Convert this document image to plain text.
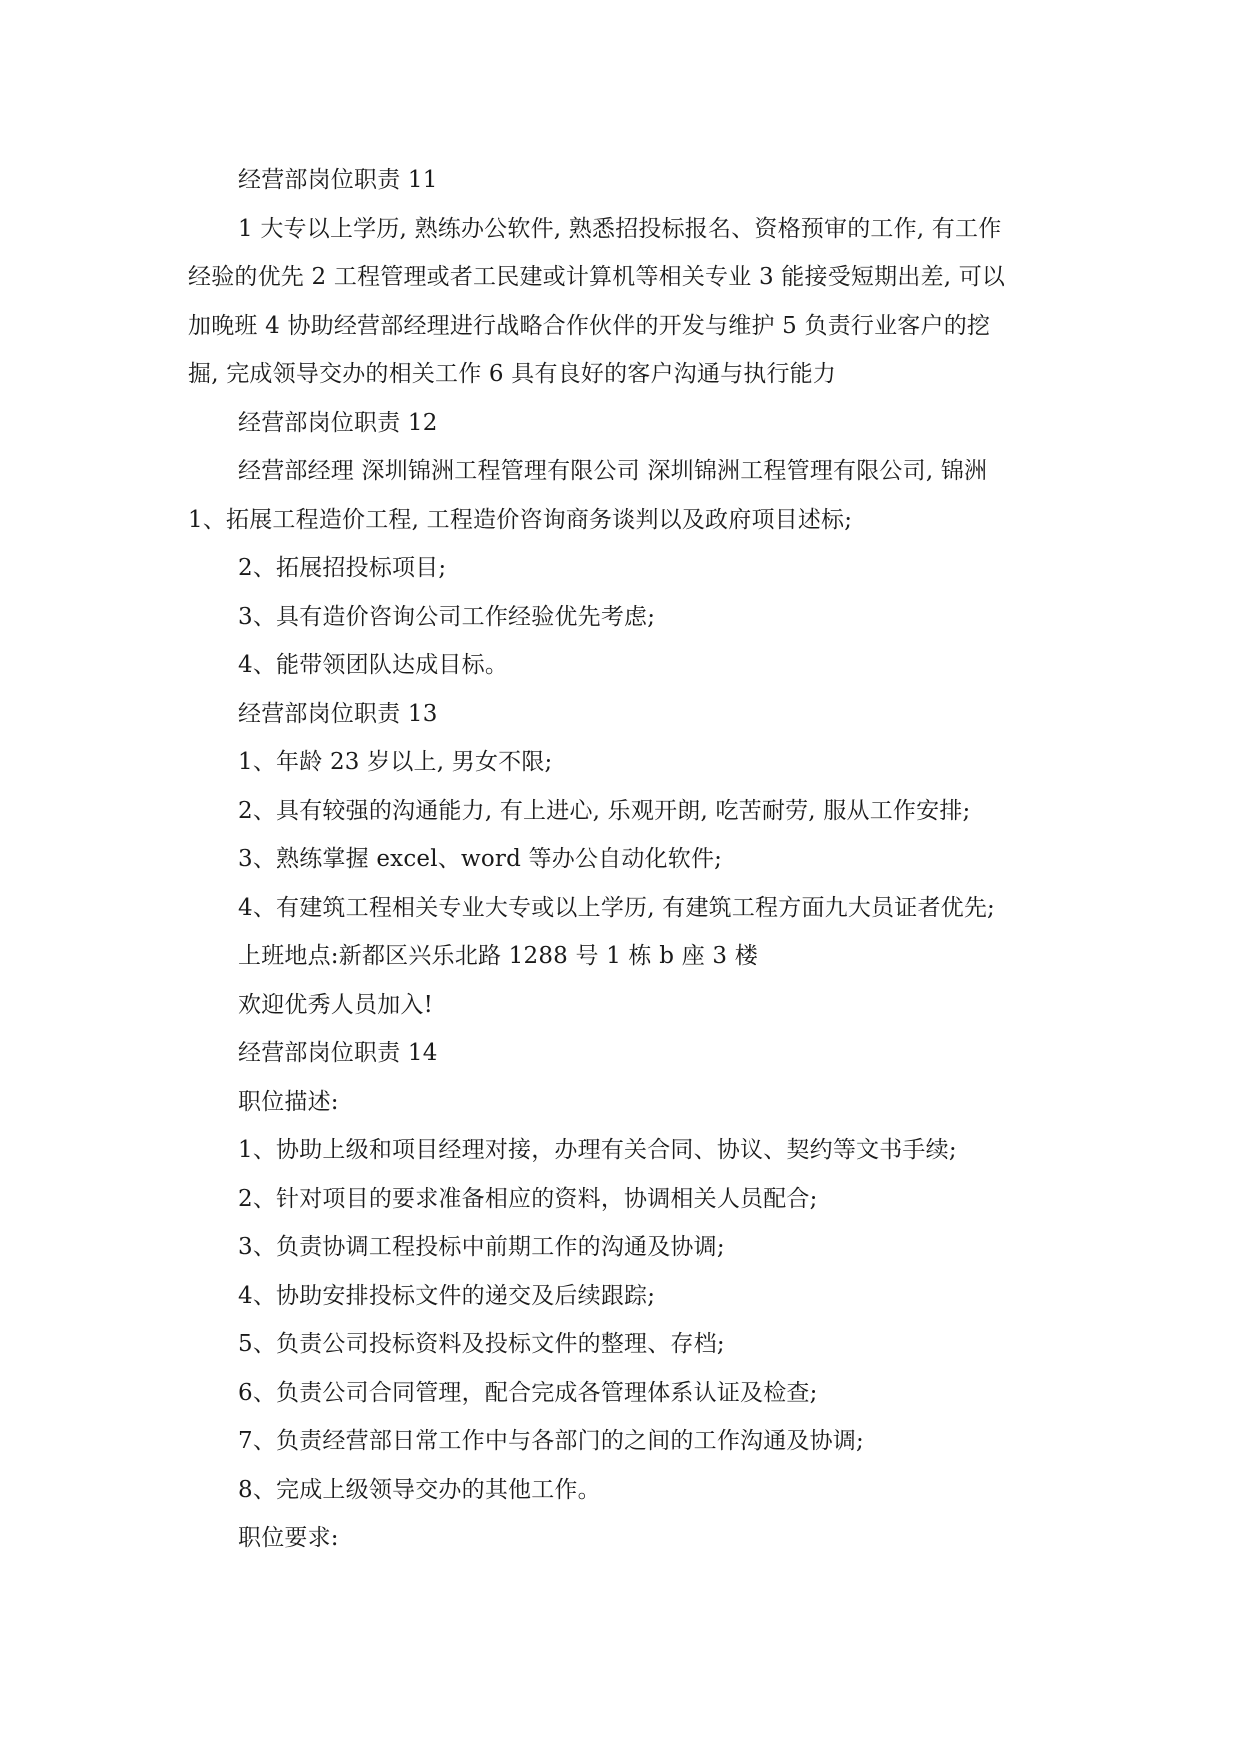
经营部岗位职责 11
1 大专以上学历, 熟练办公软件, 熟悉招投标报名、资格预审的工作, 有工作
经验的优先 2 工程管理或者工民建或计算机等相关专业 3 能接受短期出差, 可以
加晚班 4 协助经营部经理进行战略合作伙伴的开发与维护 5 负责行业客户的挖
掘, 完成领导交办的相关工作 6 具有良好的客户沟通与执行能力
经营部岗位职责 12
经营部经理 深圳锦洲工程管理有限公司 深圳锦洲工程管理有限公司, 锦洲
1、拓展工程造价工程, 工程造价咨询商务谈判以及政府项目述标;
2、拓展招投标项目;
3、具有造价咨询公司工作经验优先考虑;
4、能带领团队达成目标。
经营部岗位职责 13
1、年龄 23 岁以上, 男女不限;
2、具有较强的沟通能力, 有上进心, 乐观开朗, 吃苦耐劳, 服从工作安排;
3、熟练掌握 excel、word 等办公自动化软件;
4、有建筑工程相关专业大专或以上学历, 有建筑工程方面九大员证者优先;
上班地点:新都区兴乐北路 1288 号 1 栋 b 座 3 楼
欢迎优秀人员加入!
经营部岗位职责 14
职位描述:
1、协助上级和项目经理对接，办理有关合同、协议、契约等文书手续;
2、针对项目的要求准备相应的资料，协调相关人员配合;
3、负责协调工程投标中前期工作的沟通及协调;
4、协助安排投标文件的递交及后续跟踪;
5、负责公司投标资料及投标文件的整理、存档;
6、负责公司合同管理，配合完成各管理体系认证及检查;
7、负责经营部日常工作中与各部门的之间的工作沟通及协调;
8、完成上级领导交办的其他工作。
职位要求:
